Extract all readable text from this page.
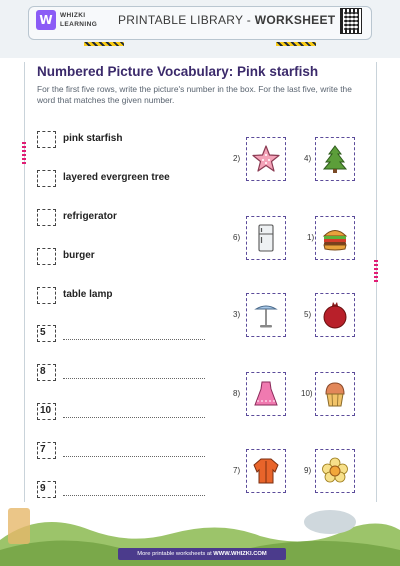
W	WHIZKI
LEARNING PRINTABLE LIBRARY - WORKSHEET
Numbered Picture Vocabulary: Pink starfish
For the first five rows, write the picture's number in the box. For the last five, write the word that matches the given number.
pink starfish
layered evergreen tree
refrigerator
burger
table lamp
5
8
10
7
9
2)	4)
6)	1)
3)	5)
8)	10)
7)	9)
More printable worksheets at WWW.WHIZKI.COM
